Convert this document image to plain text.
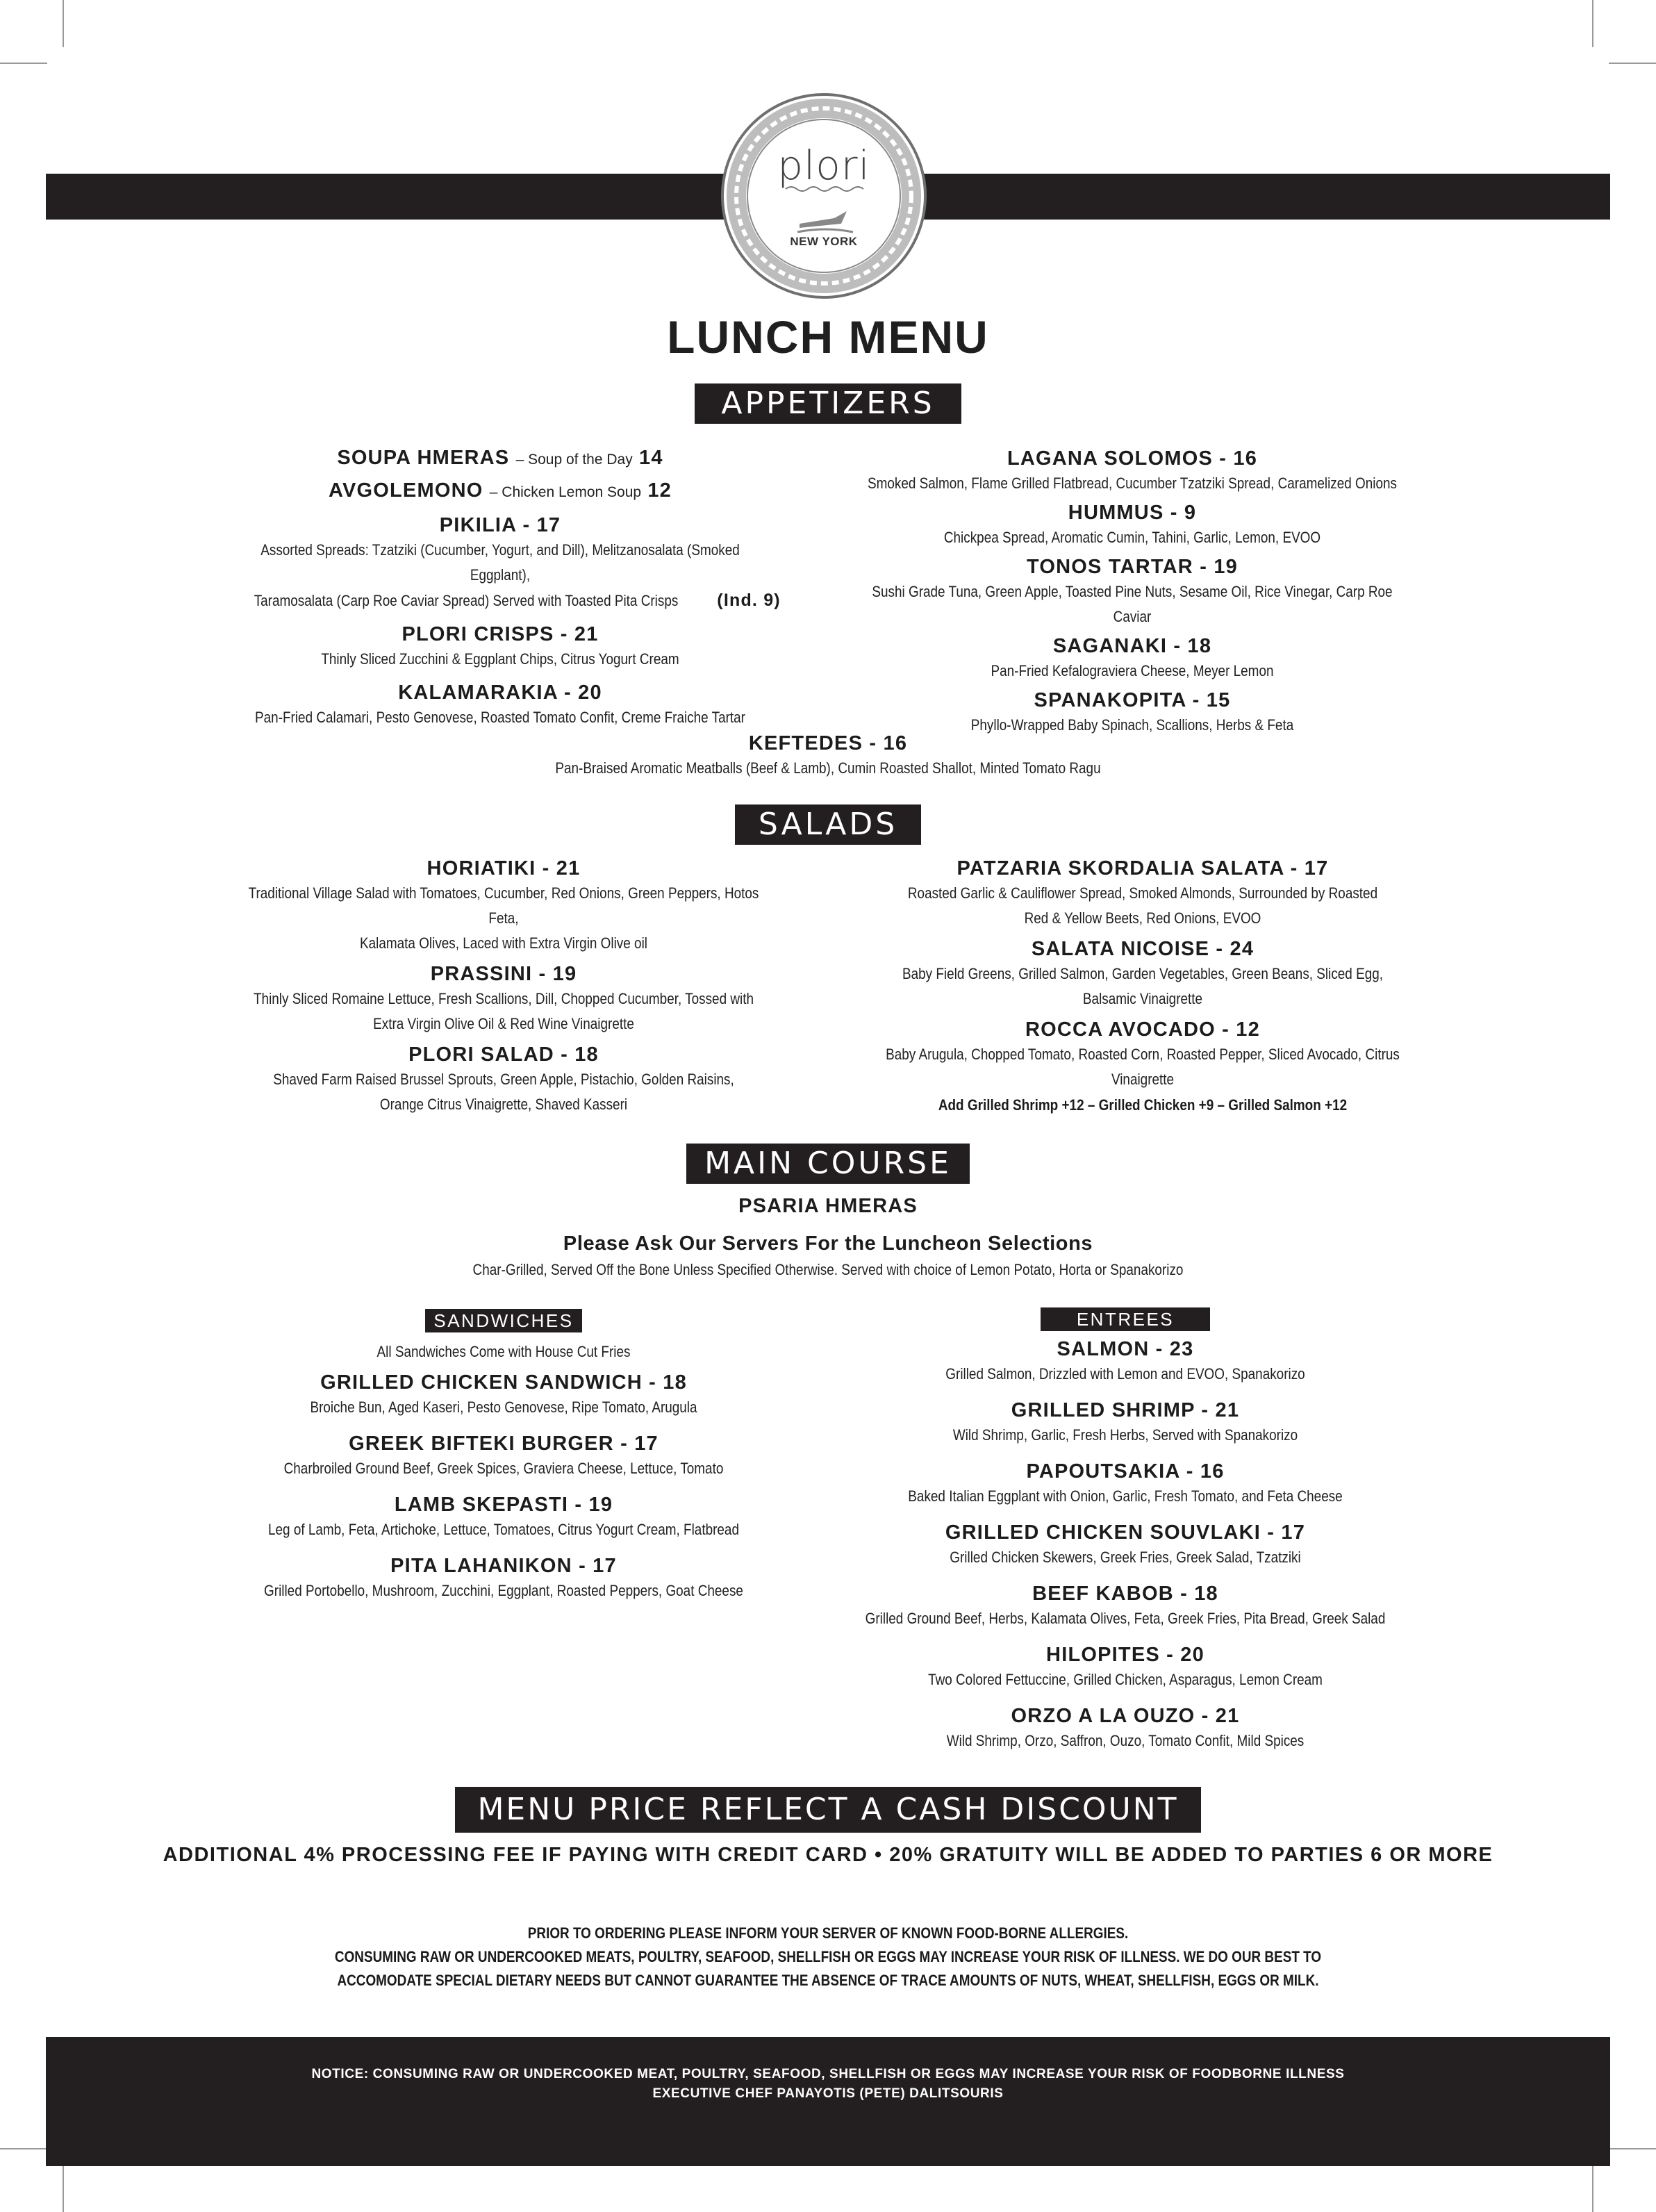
plori
NEW YORK
LUNCH MENU
APPETIZERS
SOUPA HMERAS – Soup of the Day 14
AVGOLEMONO – Chicken Lemon Soup 12
PIKILIA - 17
Assorted Spreads: Tzatziki (Cucumber, Yogurt, and Dill), Melitzanosalata (Smoked Eggplant),
Taramosalata (Carp Roe Caviar Spread) Served with Toasted Pita Crisps (Ind. 9)
PLORI CRISPS - 21
Thinly Sliced Zucchini & Eggplant Chips, Citrus Yogurt Cream
KALAMARAKIA - 20
Pan-Fried Calamari, Pesto Genovese, Roasted Tomato Confit, Creme Fraiche Tartar
LAGANA SOLOMOS - 16
Smoked Salmon, Flame Grilled Flatbread, Cucumber Tzatziki Spread, Caramelized Onions
HUMMUS - 9
Chickpea Spread, Aromatic Cumin, Tahini, Garlic, Lemon, EVOO
TONOS TARTAR - 19
Sushi Grade Tuna, Green Apple, Toasted Pine Nuts, Sesame Oil, Rice Vinegar, Carp Roe Caviar
SAGANAKI - 18
Pan-Fried Kefalograviera Cheese, Meyer Lemon
SPANAKOPITA - 15
Phyllo-Wrapped Baby Spinach, Scallions, Herbs & Feta
KEFTEDES - 16
Pan-Braised Aromatic Meatballs (Beef & Lamb), Cumin Roasted Shallot, Minted Tomato Ragu
SALADS
HORIATIKI - 21
Traditional Village Salad with Tomatoes, Cucumber, Red Onions, Green Peppers, Hotos Feta,
Kalamata Olives, Laced with Extra Virgin Olive oil
PRASSINI - 19
Thinly Sliced Romaine Lettuce, Fresh Scallions, Dill, Chopped Cucumber, Tossed with
Extra Virgin Olive Oil & Red Wine Vinaigrette
PLORI SALAD - 18
Shaved Farm Raised Brussel Sprouts, Green Apple, Pistachio, Golden Raisins,
Orange Citrus Vinaigrette, Shaved Kasseri
PATZARIA SKORDALIA SALATA - 17
Roasted Garlic & Cauliflower Spread, Smoked Almonds, Surrounded by Roasted
Red & Yellow Beets, Red Onions, EVOO
SALATA NICOISE - 24
Baby Field Greens, Grilled Salmon, Garden Vegetables, Green Beans, Sliced Egg,
Balsamic Vinaigrette
ROCCA AVOCADO - 12
Baby Arugula, Chopped Tomato, Roasted Corn, Roasted Pepper, Sliced Avocado, Citrus Vinaigrette
Add Grilled Shrimp +12 – Grilled Chicken +9 – Grilled Salmon +12
MAIN COURSE
PSARIA HMERAS
Please Ask Our Servers For the Luncheon Selections
Char-Grilled, Served Off the Bone Unless Specified Otherwise. Served with choice of Lemon Potato, Horta or Spanakorizo
SANDWICHES
All Sandwiches Come with House Cut Fries
GRILLED CHICKEN SANDWICH - 18
Broiche Bun, Aged Kaseri, Pesto Genovese, Ripe Tomato, Arugula
GREEK BIFTEKI BURGER - 17
Charbroiled Ground Beef, Greek Spices, Graviera Cheese, Lettuce, Tomato
LAMB SKEPASTI - 19
Leg of Lamb, Feta, Artichoke, Lettuce, Tomatoes, Citrus Yogurt Cream, Flatbread
PITA LAHANIKON - 17
Grilled Portobello, Mushroom, Zucchini, Eggplant, Roasted Peppers, Goat Cheese
ENTREES
SALMON - 23
Grilled Salmon, Drizzled with Lemon and EVOO, Spanakorizo
GRILLED SHRIMP - 21
Wild Shrimp, Garlic, Fresh Herbs, Served with Spanakorizo
PAPOUTSAKIA - 16
Baked Italian Eggplant with Onion, Garlic, Fresh Tomato, and Feta Cheese
GRILLED CHICKEN SOUVLAKI - 17
Grilled Chicken Skewers, Greek Fries, Greek Salad, Tzatziki
BEEF KABOB - 18
Grilled Ground Beef, Herbs, Kalamata Olives, Feta, Greek Fries, Pita Bread, Greek Salad
HILOPITES - 20
Two Colored Fettuccine, Grilled Chicken, Asparagus, Lemon Cream
ORZO A LA OUZO - 21
Wild Shrimp, Orzo, Saffron, Ouzo, Tomato Confit, Mild Spices
MENU PRICE REFLECT A CASH DISCOUNT
ADDITIONAL 4% PROCESSING FEE IF PAYING WITH CREDIT CARD • 20% GRATUITY WILL BE ADDED TO PARTIES 6 OR MORE
PRIOR TO ORDERING PLEASE INFORM YOUR SERVER OF KNOWN FOOD-BORNE ALLERGIES.
CONSUMING RAW OR UNDERCOOKED MEATS, POULTRY, SEAFOOD, SHELLFISH OR EGGS MAY INCREASE YOUR RISK OF ILLNESS. WE DO OUR BEST TO
ACCOMODATE SPECIAL DIETARY NEEDS BUT CANNOT GUARANTEE THE ABSENCE OF TRACE AMOUNTS OF NUTS, WHEAT, SHELLFISH, EGGS OR MILK.
NOTICE: CONSUMING RAW OR UNDERCOOKED MEAT, POULTRY, SEAFOOD, SHELLFISH OR EGGS MAY INCREASE YOUR RISK OF FOODBORNE ILLNESS
EXECUTIVE CHEF PANAYOTIS (PETE) DALITSOURIS
